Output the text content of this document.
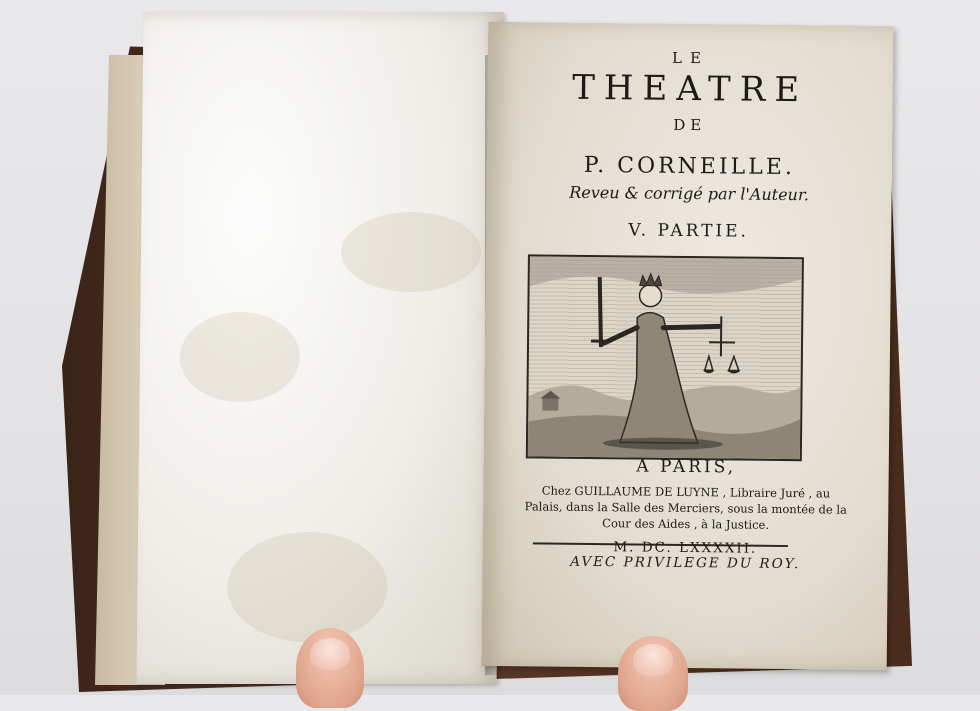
LE
THEATRE
DE
P. CORNEILLE.
Reveu & corrigé par l'Auteur.
V. PARTIE.
A PARIS,
Chez GUILLAUME DE LUYNE , Libraire Juré , au Palais, dans la Salle des Merciers, sous la montée de la Cour des Aides , à la Justice.
M. DC. LXXXXII.
AVEC PRIVILEGE DU ROY.
